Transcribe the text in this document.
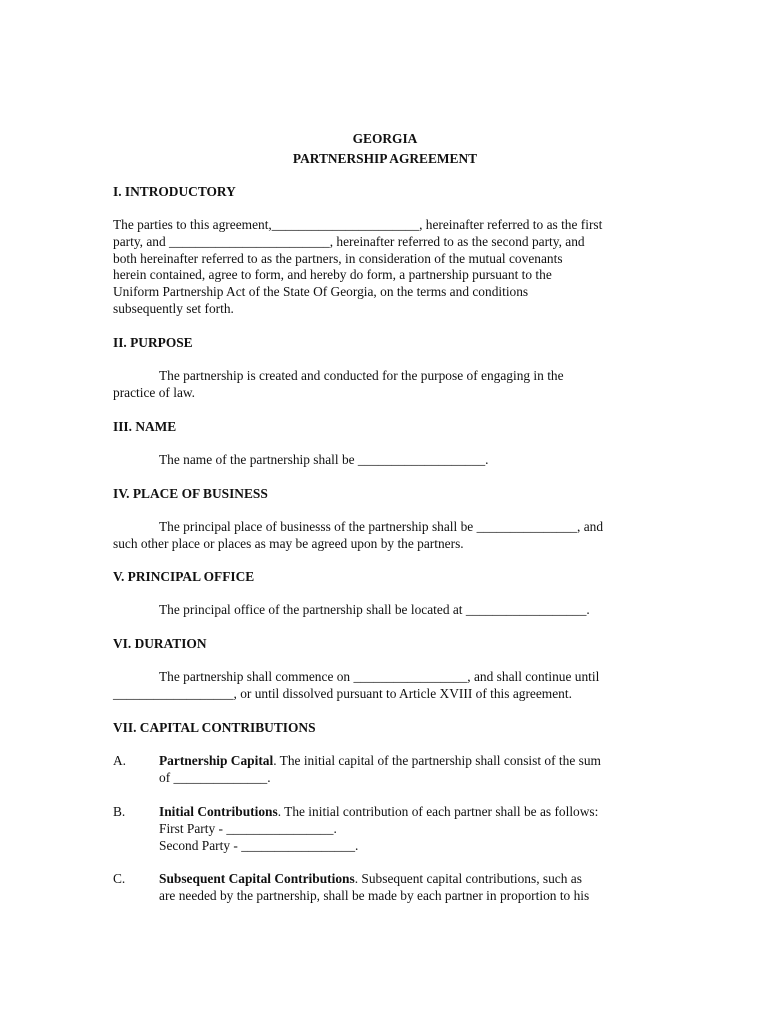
GEORGIA
PARTNERSHIP AGREEMENT
I. INTRODUCTORY
The parties to this agreement,______________________, hereinafter referred to as the first
party, and ________________________, hereinafter referred to as the second party, and
both hereinafter referred to as the partners, in consideration of the mutual covenants
herein contained, agree to form, and hereby do form, a partnership pursuant to the
Uniform Partnership Act of the State Of Georgia, on the terms and conditions
subsequently set forth.
II. PURPOSE
The partnership is created and conducted for the purpose of engaging in the
practice of law.
III. NAME
The name of the partnership shall be ___________________.
IV. PLACE OF BUSINESS
The principal place of businesss of the partnership shall be _______________, and
such other place or places as may be agreed upon by the partners.
V. PRINCIPAL OFFICE
The principal office of the partnership shall be located at __________________.
VI. DURATION
The partnership shall commence on _________________, and shall continue until
__________________, or until dissolved pursuant to Article XVIII of this agreement.
VII. CAPITAL CONTRIBUTIONS
A. Partnership Capital. The initial capital of the partnership shall consist of the sum
of ______________.
B.	Initial Contributions. The initial contribution of each partner shall be as follows:
First Party - ________________.
Second Party - _________________.
C.	Subsequent Capital Contributions. Subsequent capital contributions, such as
are needed by the partnership, shall be made by each partner in proportion to his
